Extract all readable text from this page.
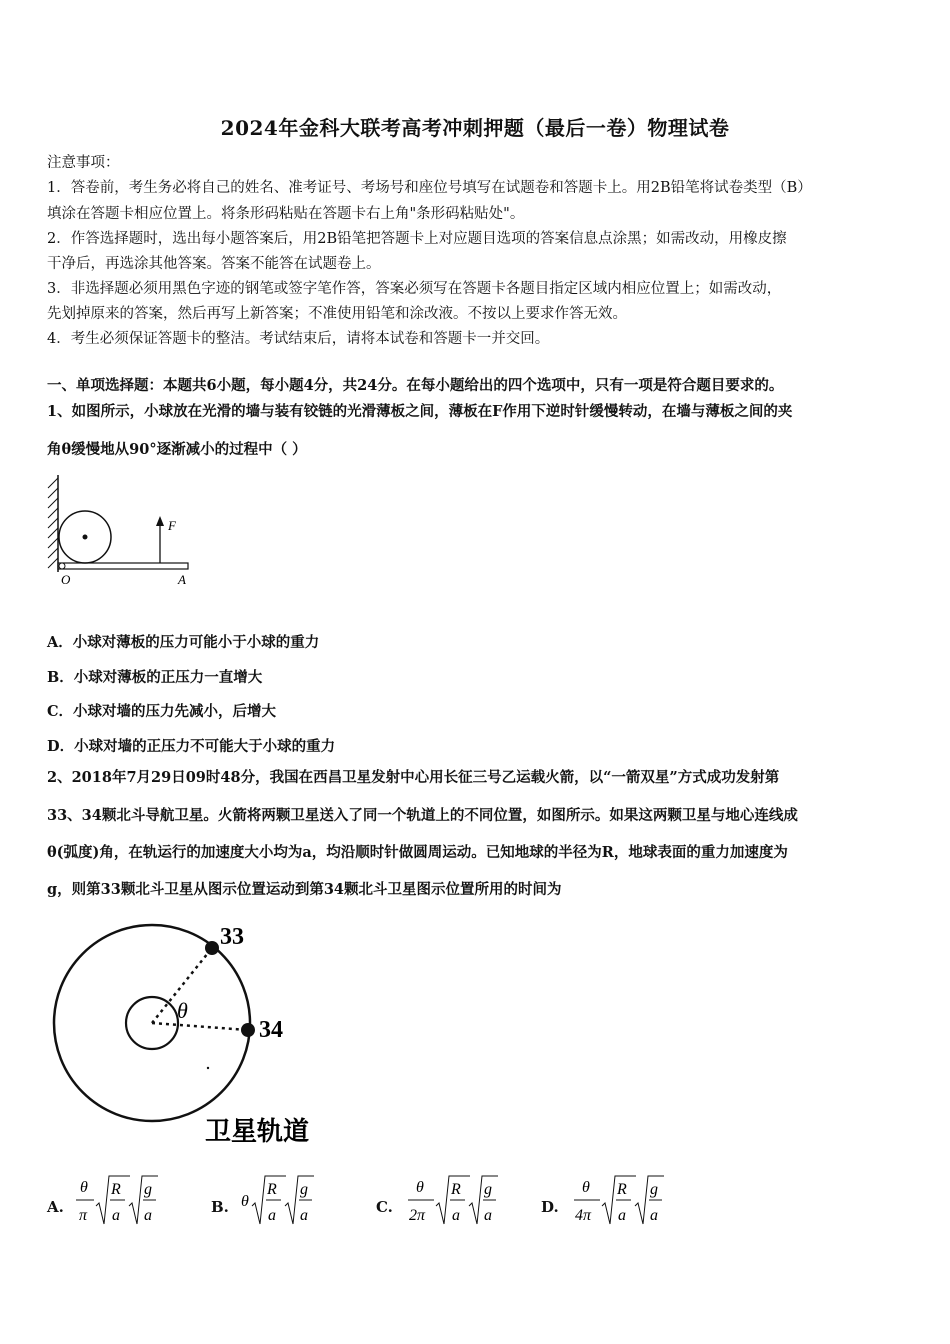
2024年金科大联考高考冲刺押题（最后一卷）物理试卷
注意事项：
1．答卷前，考生务必将自己的姓名、准考证号、考场号和座位号填写在试题卷和答题卡上。用2B铅笔将试卷类型（B）
填涂在答题卡相应位置上。将条形码粘贴在答题卡右上角"条形码粘贴处"。
2．作答选择题时，选出每小题答案后，用2B铅笔把答题卡上对应题目选项的答案信息点涂黑；如需改动，用橡皮擦
干净后，再选涂其他答案。答案不能答在试题卷上。
3．非选择题必须用黑色字迹的钢笔或签字笔作答，答案必须写在答题卡各题目指定区域内相应位置上；如需改动，
先划掉原来的答案，然后再写上新答案；不准使用铅笔和涂改液。不按以上要求作答无效。
4．考生必须保证答题卡的整洁。考试结束后，请将本试卷和答题卡一并交回。
一、单项选择题：本题共6小题，每小题4分，共24分。在每小题给出的四个选项中，只有一项是符合题目要求的。
1、如图所示，小球放在光滑的墙与装有铰链的光滑薄板之间，薄板在F作用下逆时针缓慢转动，在墙与薄板之间的夹
角θ缓慢地从90°逐渐减小的过程中（ ）
F
O	A
A．小球对薄板的压力可能小于小球的重力
B．小球对薄板的正压力一直增大
C．小球对墙的压力先减小，后增大
D．小球对墙的正压力不可能大于小球的重力
2、2018年7月29日09时48分，我国在西昌卫星发射中心用长征三号乙运载火箭，以“一箭双星”方式成功发射第
33、34颗北斗导航卫星。火箭将两颗卫星送入了同一个轨道上的不同位置，如图所示。如果这两颗卫星与地心连线成
θ(弧度)角，在轨运行的加速度大小均为a，均沿顺时针做圆周运动。已知地球的半径为R，地球表面的重力加速度为
g，则第33颗北斗卫星从图示位置运动到第34颗北斗卫星图示位置所用的时间为
33
34
θ
卫星轨道
A.
θ
π
R
a
g
a	B. θ
R
a
g
a	C.
θ
2π
R
a
g
a	D.
θ
4π
R
a
g
a
